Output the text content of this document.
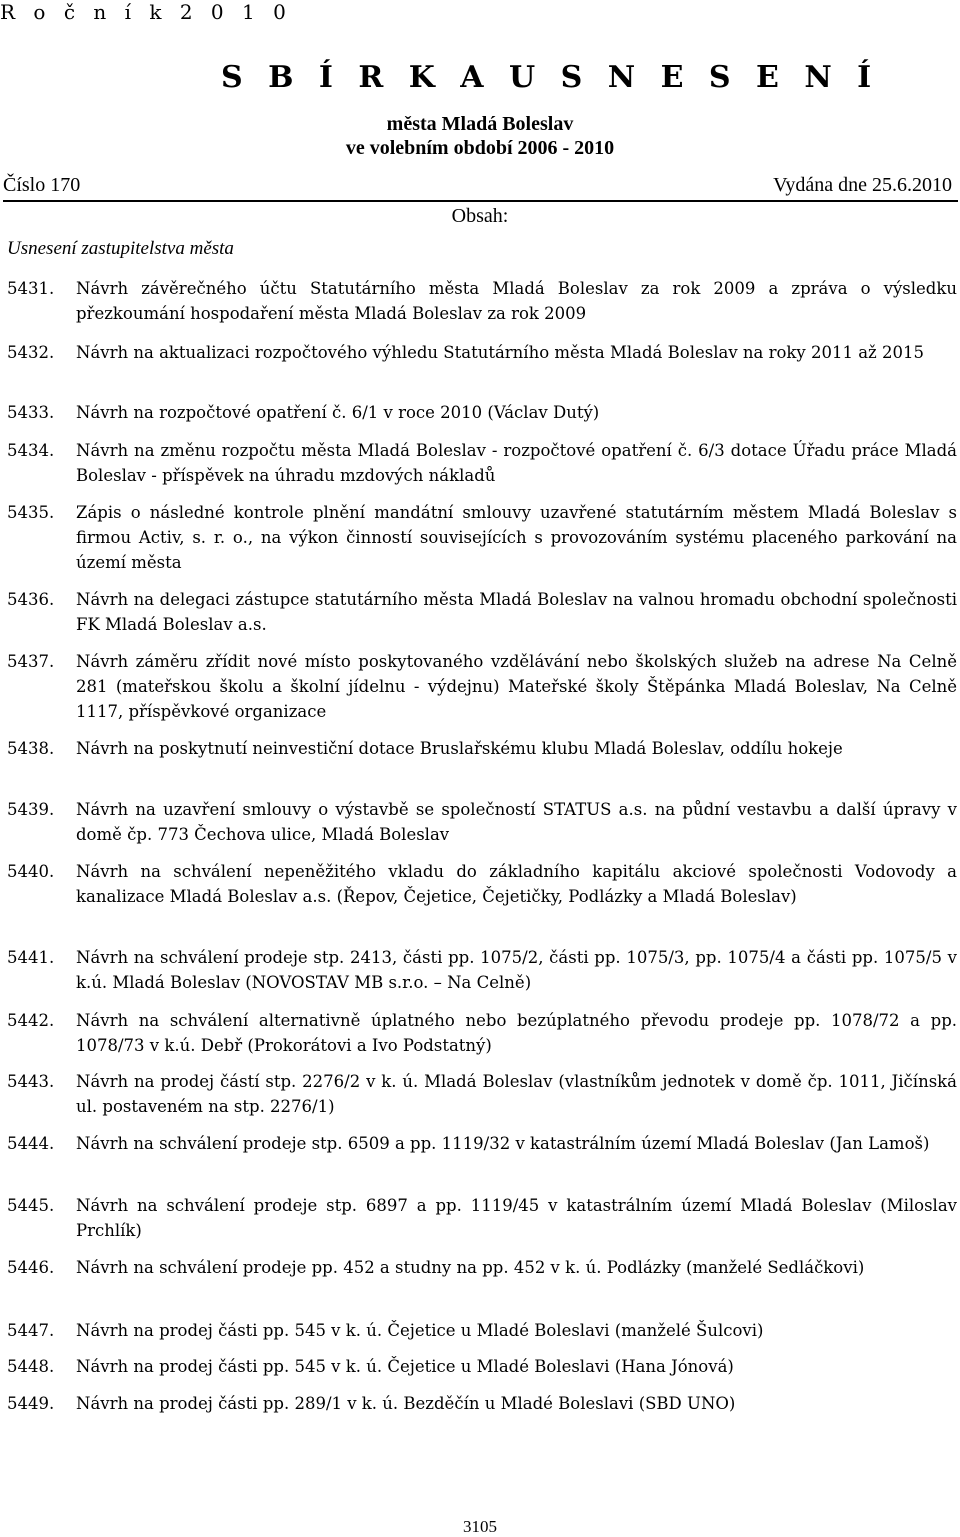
R o č n í k 2 0 1 0
S B Í R K A U S N E S E N Í
města Mladá Boleslav
ve volebním období 2006 - 2010
Číslo 170	Vydána dne 25.6.2010
Obsah:
Usnesení zastupitelstva města
5431.	Návrh závěrečného účtu Statutárního města Mladá Boleslav za rok 2009 a zpráva o výsledku přezkoumání hospodaření města Mladá Boleslav za rok 2009
5432.	Návrh na aktualizaci rozpočtového výhledu Statutárního města Mladá Boleslav na roky 2011 až 2015
5433.	Návrh na rozpočtové opatření č. 6/1 v roce 2010 (Václav Dutý)
5434.	Návrh na změnu rozpočtu města Mladá Boleslav - rozpočtové opatření č. 6/3 dotace Úřadu práce Mladá Boleslav - příspěvek na úhradu mzdových nákladů
5435.	Zápis o následné kontrole plnění mandátní smlouvy uzavřené statutárním městem Mladá Boleslav s firmou Activ, s. r. o., na výkon činností souvisejících s provozováním systému placeného parkování na území města
5436.	Návrh na delegaci zástupce statutárního města Mladá Boleslav na valnou hromadu obchodní společnosti FK Mladá Boleslav a.s.
5437.	Návrh záměru zřídit nové místo poskytovaného vzdělávání nebo školských služeb na adrese Na Celně 281 (mateřskou školu a školní jídelnu - výdejnu) Mateřské školy Štěpánka Mladá Boleslav, Na Celně 1117, příspěvkové organizace
5438.	Návrh na poskytnutí neinvestiční dotace Bruslařskému klubu Mladá Boleslav, oddílu hokeje
5439.	Návrh na uzavření smlouvy o výstavbě se společností STATUS a.s. na půdní vestavbu a další úpravy v domě čp. 773 Čechova ulice, Mladá Boleslav
5440.	Návrh na schválení nepeněžitého vkladu do základního kapitálu akciové společnosti Vodovody a kanalizace Mladá Boleslav a.s. (Řepov, Čejetice, Čejetičky, Podlázky a Mladá Boleslav)
5441.	Návrh na schválení prodeje stp. 2413, části pp. 1075/2, části pp. 1075/3, pp. 1075/4 a části pp. 1075/5 v k.ú. Mladá Boleslav (NOVOSTAV MB s.r.o. – Na Celně)
5442.	Návrh na schválení alternativně úplatného nebo bezúplatného převodu prodeje pp. 1078/72 a pp. 1078/73 v k.ú. Debř (Prokorátovi a Ivo Podstatný)
5443.	Návrh na prodej částí stp. 2276/2 v k. ú. Mladá Boleslav (vlastníkům jednotek v domě čp. 1011, Jičínská ul. postaveném na stp. 2276/1)
5444.	Návrh na schválení prodeje stp. 6509 a pp. 1119/32 v katastrálním území Mladá Boleslav (Jan Lamoš)
5445.	Návrh na schválení prodeje stp. 6897 a pp. 1119/45 v katastrálním území Mladá Boleslav (Miloslav Prchlík)
5446.	Návrh na schválení prodeje pp. 452 a studny na pp. 452 v k. ú. Podlázky (manželé Sedláčkovi)
5447.	Návrh na prodej části pp. 545 v k. ú. Čejetice u Mladé Boleslavi (manželé Šulcovi)
5448.	Návrh na prodej části pp. 545 v k. ú. Čejetice u Mladé Boleslavi (Hana Jónová)
5449.	Návrh na prodej části pp. 289/1 v k. ú. Bezděčín u Mladé Boleslavi (SBD UNO)
3105
